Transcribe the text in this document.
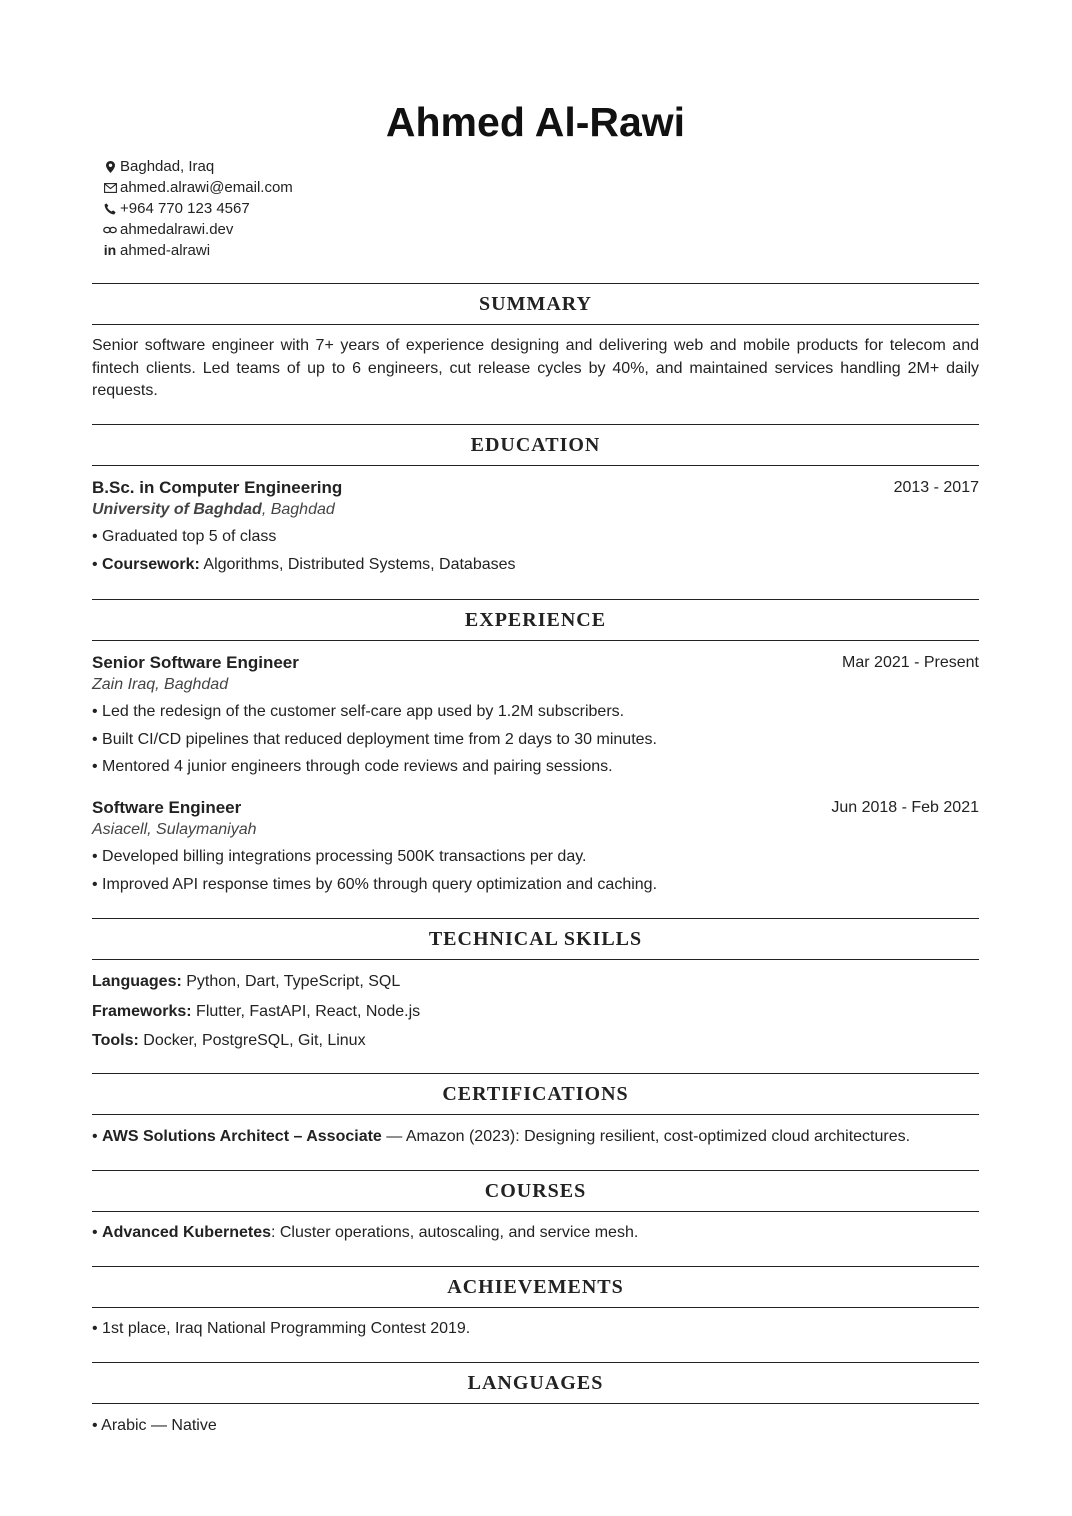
Ahmed Al-Rawi
Baghdad, Iraq
ahmed.alrawi@email.com
+964 770 123 4567
ahmedalrawi.dev
in ahmed-alrawi
SUMMARY
Senior software engineer with 7+ years of experience designing and delivering web and mobile products for telecom and fintech clients. Led teams of up to 6 engineers, cut release cycles by 40%, and maintained services handling 2M+ daily requests.
EDUCATION
B.Sc. in Computer Engineering	2013 - 2017
University of Baghdad, Baghdad
• Graduated top 5 of class
• Coursework: Algorithms, Distributed Systems, Databases
EXPERIENCE
Senior Software Engineer	Mar 2021 - Present
Zain Iraq, Baghdad
• Led the redesign of the customer self-care app used by 1.2M subscribers.
• Built CI/CD pipelines that reduced deployment time from 2 days to 30 minutes.
• Mentored 4 junior engineers through code reviews and pairing sessions.
Software Engineer	Jun 2018 - Feb 2021
Asiacell, Sulaymaniyah
• Developed billing integrations processing 500K transactions per day.
• Improved API response times by 60% through query optimization and caching.
TECHNICAL SKILLS
Languages: Python, Dart, TypeScript, SQL
Frameworks: Flutter, FastAPI, React, Node.js
Tools: Docker, PostgreSQL, Git, Linux
CERTIFICATIONS
• AWS Solutions Architect – Associate — Amazon (2023): Designing resilient, cost-optimized cloud architectures.
COURSES
• Advanced Kubernetes: Cluster operations, autoscaling, and service mesh.
ACHIEVEMENTS
• 1st place, Iraq National Programming Contest 2019.
LANGUAGES
• Arabic — Native
